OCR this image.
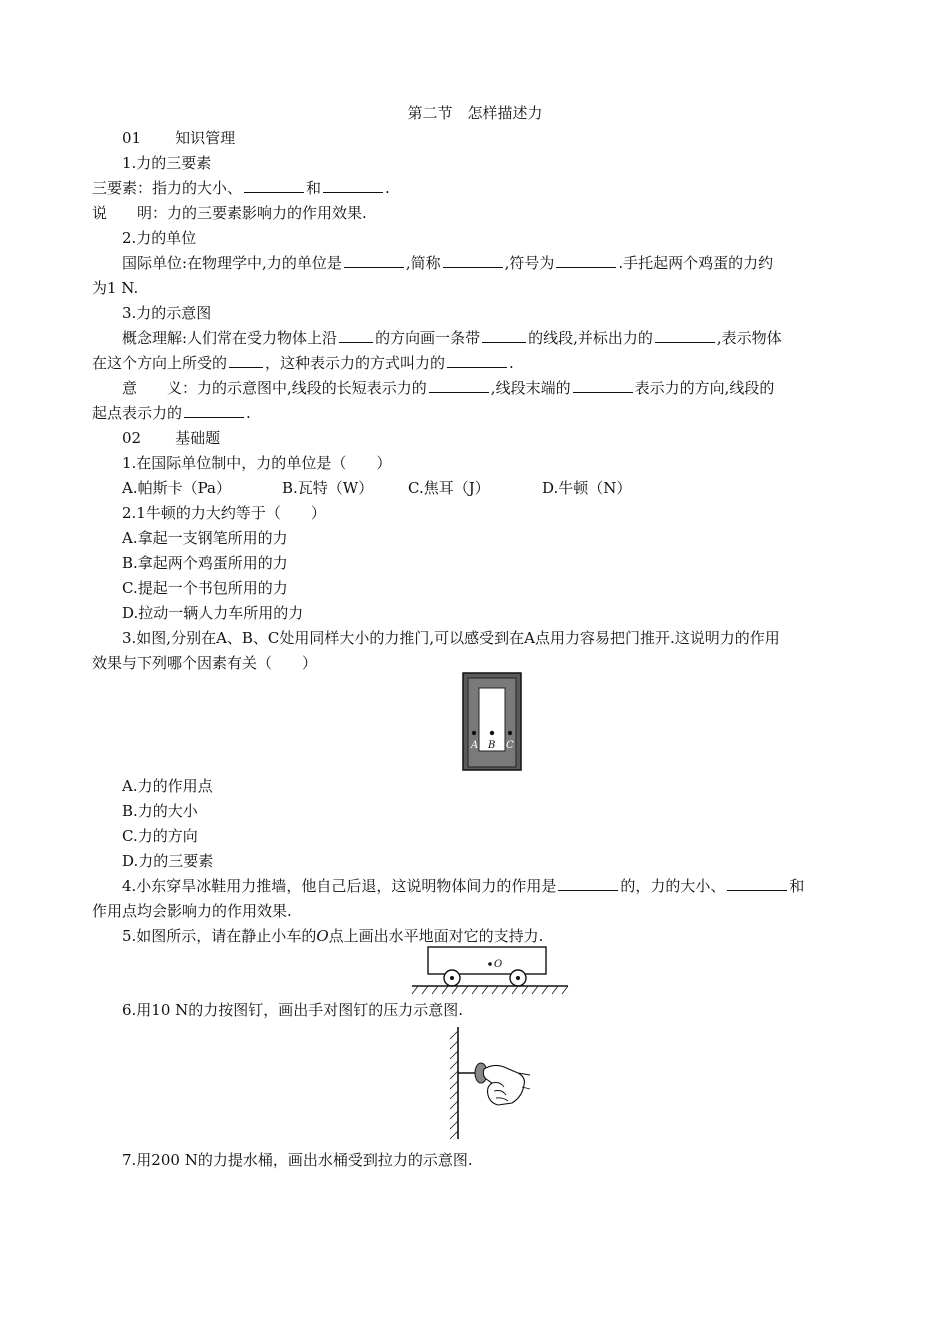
第二节　怎样描述力
01 知识管理
1.力的三要素
三要素：指力的大小、	和	.
说 明：力的三要素影响力的作用效果.
2.力的单位
国际单位:在物理学中,力的单位是	,简称	,符号为	.手托起两个鸡蛋的力约
为1 N.
3.力的示意图
概念理解:人们常在受力物体上沿	的方向画一条带	的线段,并标出力的	,表示物体
在这个方向上所受的	，这种表示力的方式叫力的	.
意 义：力的示意图中,线段的长短表示力的	,线段末端的	表示力的方向,线段的
起点表示力的	.
02 基础题
1.在国际单位制中，力的单位是（　　）
A.帕斯卡（Pa）	B.瓦特（W） C.焦耳（J）	D.牛顿（N）
2.1牛顿的力大约等于（　　）
A.拿起一支钢笔所用的力
B.拿起两个鸡蛋所用的力
C.提起一个书包所用的力
D.拉动一辆人力车所用的力
3.如图,分别在A、B、C处用同样大小的力推门,可以感受到在A点用力容易把门推开.这说明力的作用
效果与下列哪个因素有关（　　）
A B C
A.力的作用点
B.力的大小
C.力的方向
D.力的三要素
4.小东穿旱冰鞋用力推墙，他自己后退，这说明物体间力的作用是	的，力的大小、	和
作用点均会影响力的作用效果.
5.如图所示，请在静止小车的O点上画出水平地面对它的支持力.
O
6.用10 N的力按图钉，画出手对图钉的压力示意图.
7.用200 N的力提水桶，画出水桶受到拉力的示意图.
